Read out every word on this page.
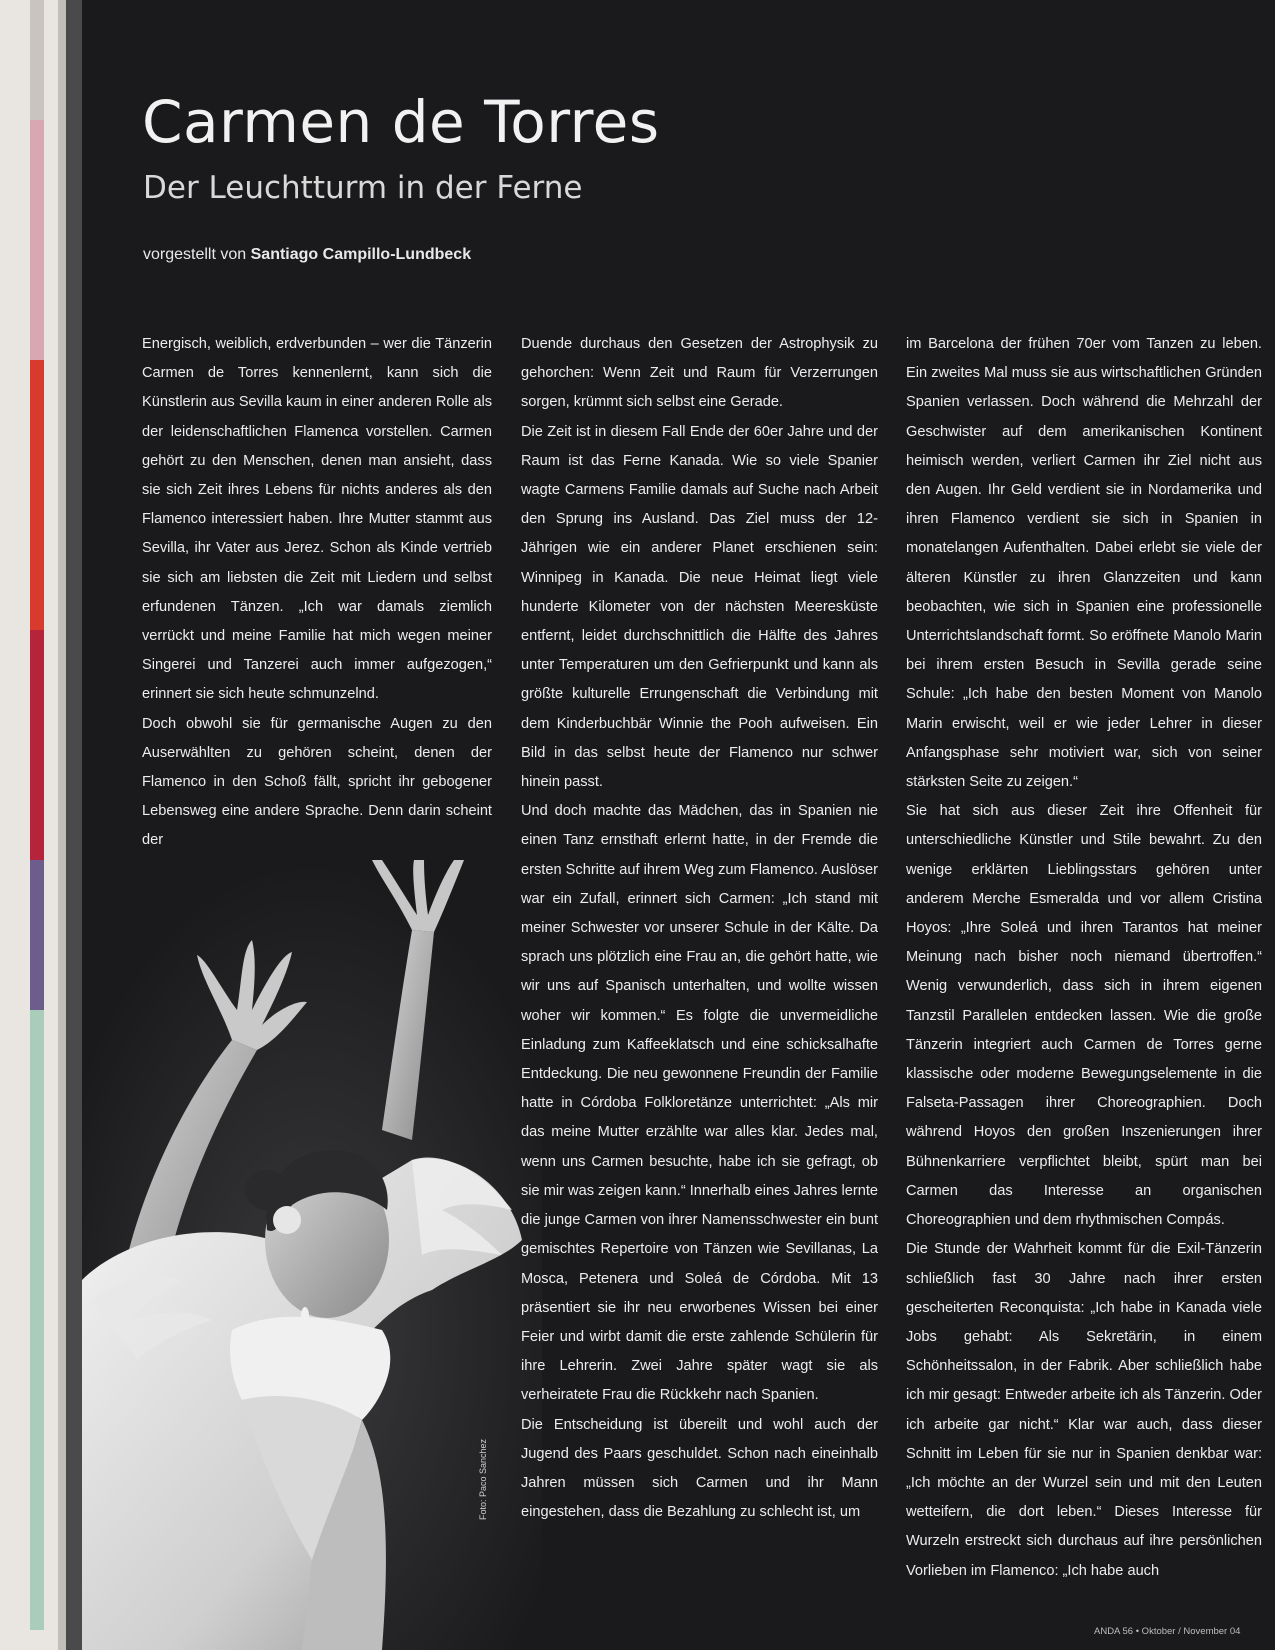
Carmen de Torres
Der Leuchtturm in der Ferne
vorgestellt von Santiago Campillo-Lundbeck
Foto: Paco Sanchez

Energisch, weiblich, erdverbunden – wer die Tänzerin Carmen de Torres kennenlernt, kann sich die Künstlerin aus Sevilla kaum in einer anderen Rolle als der leidenschaftlichen Flamenca vorstellen. Carmen gehört zu den Menschen, denen man ansieht, dass sie sich Zeit ihres Lebens für nichts anderes als den Flamenco interessiert haben. Ihre Mutter stammt aus Sevilla, ihr Vater aus Jerez. Schon als Kinde vertrieb sie sich am liebsten die Zeit mit Liedern und selbst erfundenen Tänzen. „Ich war damals ziemlich verrückt und meine Familie hat mich wegen meiner Singerei und Tanzerei auch immer aufgezogen,“ erinnert sie sich heute schmunzelnd.

Doch obwohl sie für germanische Augen zu den Auserwählten zu gehören scheint, denen der Flamenco in den Schoß fällt, spricht ihr gebogener Lebensweg eine andere Sprache. Denn darin scheint der

Duende durchaus den Gesetzen der Astrophysik zu gehorchen: Wenn Zeit und Raum für Verzerrungen sorgen, krümmt sich selbst eine Gerade.

Die Zeit ist in diesem Fall Ende der 60er Jahre und der Raum ist das Ferne Kanada. Wie so viele Spanier wagte Carmens Familie damals auf Suche nach Arbeit den Sprung ins Ausland. Das Ziel muss der 12-Jährigen wie ein anderer Planet erschienen sein: Winnipeg in Kanada. Die neue Heimat liegt viele hunderte Kilometer von der nächsten Meeresküste entfernt, leidet durchschnittlich die Hälfte des Jahres unter Temperaturen um den Gefrierpunkt und kann als größte kulturelle Errungenschaft die Verbindung mit dem Kinderbuchbär Winnie the Pooh aufweisen. Ein Bild in das selbst heute der Flamenco nur schwer hinein passt.

Und doch machte das Mädchen, das in Spanien nie einen Tanz ernsthaft erlernt hatte, in der Fremde die ersten Schritte auf ihrem Weg zum Flamenco. Auslöser war ein Zufall, erinnert sich Carmen: „Ich stand mit meiner Schwester vor unserer Schule in der Kälte. Da sprach uns plötzlich eine Frau an, die gehört hatte, wie wir uns auf Spanisch unterhalten, und wollte wissen woher wir kommen.“ Es folgte die unvermeidliche Einladung zum Kaffeeklatsch und eine schicksalhafte Entdeckung. Die neu gewonnene Freundin der Familie hatte in Córdoba Folkloretänze unterrichtet: „Als mir das meine Mutter erzählte war alles klar. Jedes mal, wenn uns Carmen besuchte, habe ich sie gefragt, ob sie mir was zeigen kann.“ Innerhalb eines Jahres lernte die junge Carmen von ihrer Namensschwester ein bunt gemischtes Repertoire von Tänzen wie Sevillanas, La Mosca, Petenera und Soleá de Córdoba. Mit 13 präsentiert sie ihr neu erworbenes Wissen bei einer Feier und wirbt damit die erste zahlende Schülerin für ihre Lehrerin. Zwei Jahre später wagt sie als verheiratete Frau die Rückkehr nach Spanien.

Die Entscheidung ist übereilt und wohl auch der Jugend des Paars geschuldet. Schon nach eineinhalb Jahren müssen sich Carmen und ihr Mann eingestehen, dass die Bezahlung zu schlecht ist, um

im Barcelona der frühen 70er vom Tanzen zu leben. Ein zweites Mal muss sie aus wirtschaftlichen Gründen Spanien verlassen. Doch während die Mehrzahl der Geschwister auf dem amerikanischen Kontinent heimisch werden, verliert Carmen ihr Ziel nicht aus den Augen. Ihr Geld verdient sie in Nordamerika und ihren Flamenco verdient sie sich in Spanien in monatelangen Aufenthalten. Dabei erlebt sie viele der älteren Künstler zu ihren Glanzzeiten und kann beobachten, wie sich in Spanien eine professionelle Unterrichtslandschaft formt. So eröffnete Manolo Marin bei ihrem ersten Besuch in Sevilla gerade seine Schule: „Ich habe den besten Moment von Manolo Marin erwischt, weil er wie jeder Lehrer in dieser Anfangsphase sehr motiviert war, sich von seiner stärksten Seite zu zeigen.“

Sie hat sich aus dieser Zeit ihre Offenheit für unterschiedliche Künstler und Stile bewahrt. Zu den wenige erklärten Lieblingsstars gehören unter anderem Merche Esmeralda und vor allem Cristina Hoyos: „Ihre Soleá und ihren Tarantos hat meiner Meinung nach bisher noch niemand übertroffen.“ Wenig verwunderlich, dass sich in ihrem eigenen Tanzstil Parallelen entdecken lassen. Wie die große Tänzerin integriert auch Carmen de Torres gerne klassische oder moderne Bewegungselemente in die Falseta-Passagen ihrer Choreographien. Doch während Hoyos den großen Inszenierungen ihrer Bühnenkarriere verpflichtet bleibt, spürt man bei Carmen das Interesse an organischen Choreographien und dem rhythmischen Compás.

Die Stunde der Wahrheit kommt für die Exil-Tänzerin schließlich fast 30 Jahre nach ihrer ersten gescheiterten Reconquista: „Ich habe in Kanada viele Jobs gehabt: Als Sekretärin, in einem Schönheitssalon, in der Fabrik. Aber schließlich habe ich mir gesagt: Entweder arbeite ich als Tänzerin. Oder ich arbeite gar nicht.“ Klar war auch, dass dieser Schnitt im Leben für sie nur in Spanien denkbar war: „Ich möchte an der Wurzel sein und mit den Leuten wetteifern, die dort leben.“ Dieses Interesse für Wurzeln erstreckt sich durchaus auf ihre persönlichen Vorlieben im Flamenco: „Ich habe auch

ANDA 56 • Oktober / November 04
